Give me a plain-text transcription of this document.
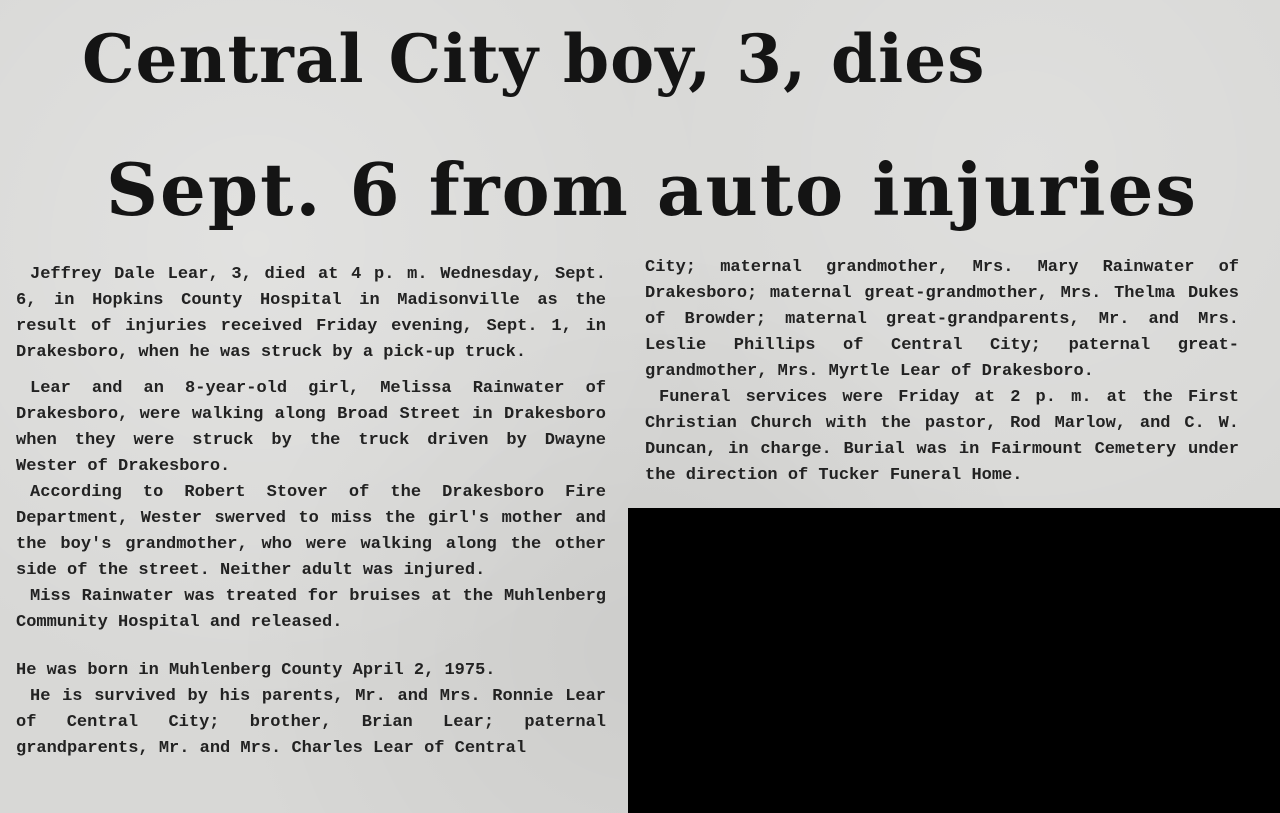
Central City boy, 3, dies
Sept. 6 from auto injuries

Jeffrey Dale Lear, 3, died at 4 p. m. Wednesday, Sept. 6, in Hopkins County Hospital in Madisonville as the result of injuries received Friday evening, Sept. 1, in Drakesboro, when he was struck by a pick-up truck.

Lear and an 8-year-old girl, Melissa Rainwater of Drakesboro, were walking along Broad Street in Drakesboro when they were struck by the truck driven by Dwayne Wester of Drakesboro.

According to Robert Stover of the Drakesboro Fire Department, Wester swerved to miss the girl's mother and the boy's grandmother, who were walking along the other side of the street. Neither adult was injured.

Miss Rainwater was treated for bruises at the Muhlenberg Community Hospital and released.

He was born in Muhlenberg County April 2, 1975.

He is survived by his parents, Mr. and Mrs. Ronnie Lear of Central City; brother, Brian Lear; paternal grandparents, Mr. and Mrs. Charles Lear of Central

City; maternal grandmother, Mrs. Mary Rainwater of Drakesboro; maternal great-grandmother, Mrs. Thelma Dukes of Browder; maternal great-grandparents, Mr. and Mrs. Leslie Phillips of Central City; paternal great-grandmother, Mrs. Myrtle Lear of Drakesboro.

Funeral services were Friday at 2 p. m. at the First Christian Church with the pastor, Rod Marlow, and C. W. Duncan, in charge. Burial was in Fairmount Cemetery under the direction of Tucker Funeral Home.
